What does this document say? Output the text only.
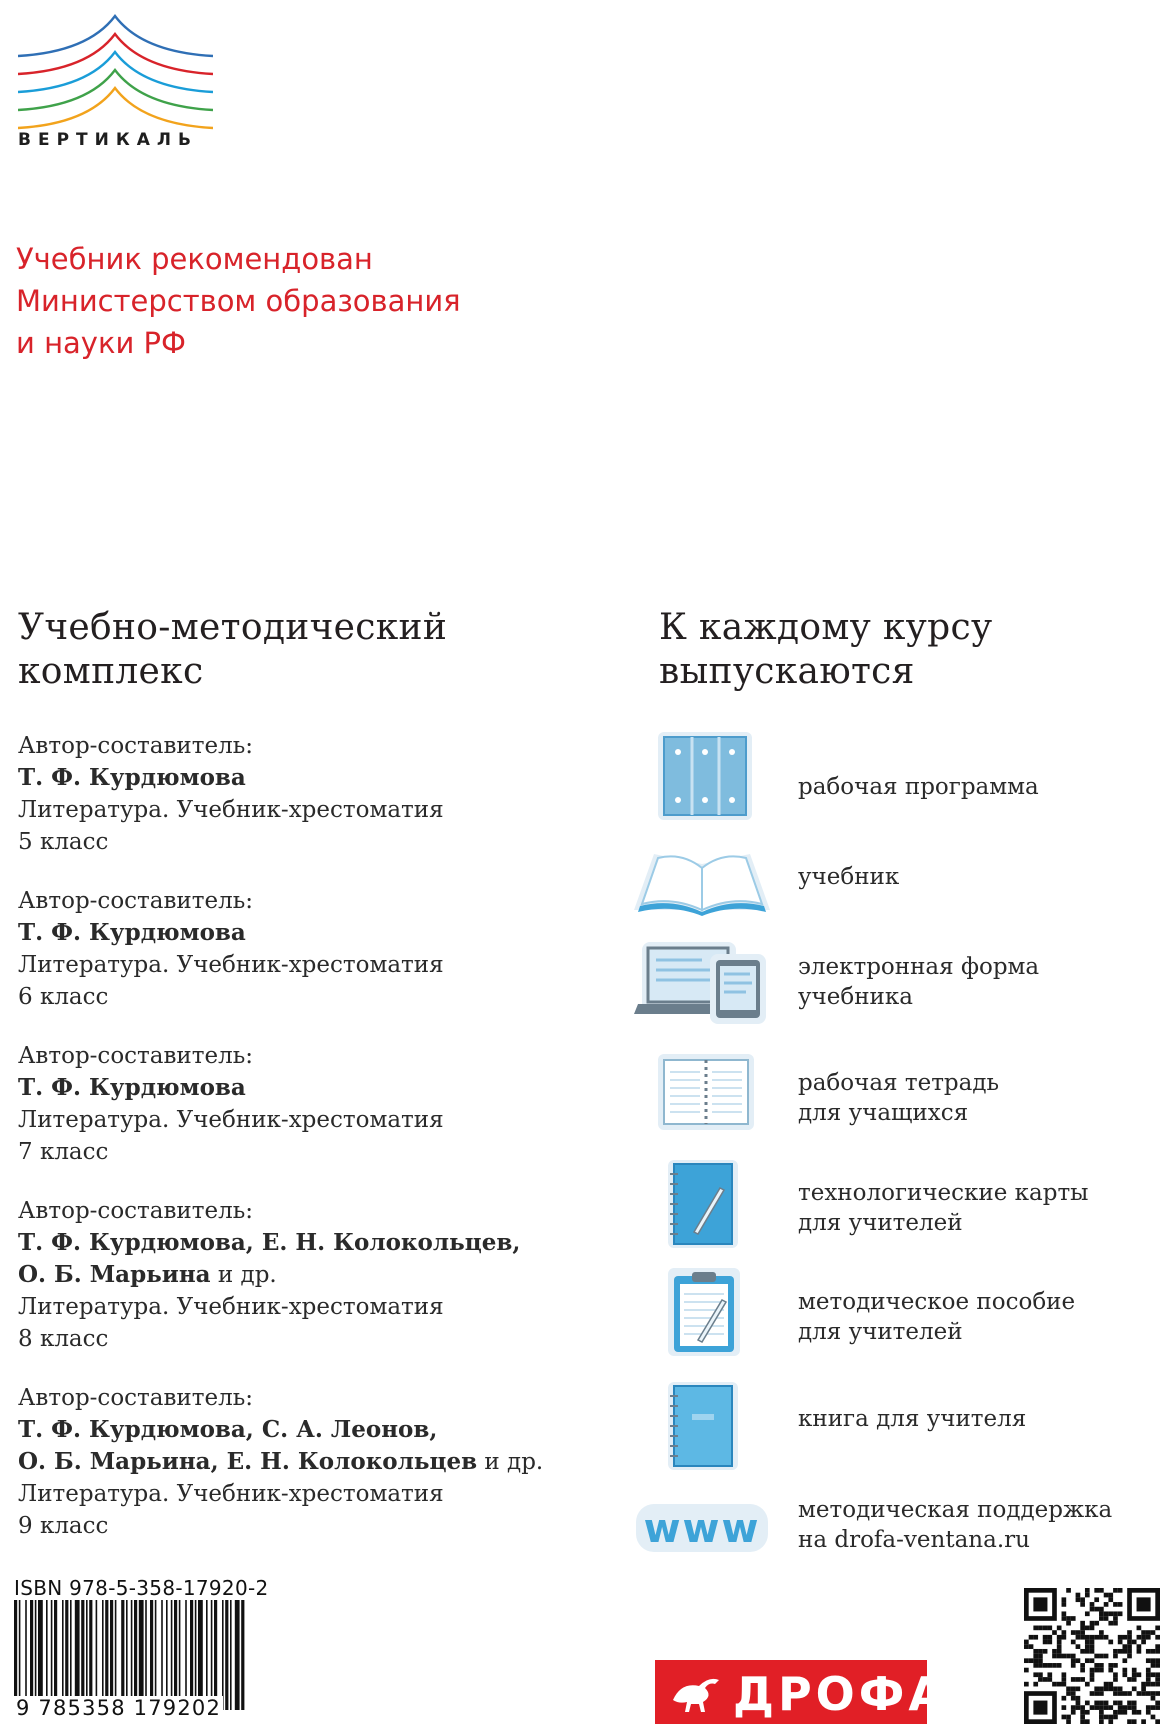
ВЕРТИКАЛЬ
Учебник рекомендован
Министерством образования
и науки РФ
Учебно-методический
комплекс
К каждому курсу
выпускаются
Автор-составитель:
Т. Ф. Курдюмова
Литература. Учебник-хрестоматия
5 класс
Автор-составитель:
Т. Ф. Курдюмова
Литература. Учебник-хрестоматия
6 класс
Автор-составитель:
Т. Ф. Курдюмова
Литература. Учебник-хрестоматия
7 класс
Автор-составитель:
Т. Ф. Курдюмова, Е. Н. Колокольцев,
О. Б. Марьина и др.
Литература. Учебник-хрестоматия
8 класс
Автор-составитель:
Т. Ф. Курдюмова, С. А. Леонов,
О. Б. Марьина, Е. Н. Колокольцев и др.
Литература. Учебник-хрестоматия
9 класс	www
рабочая программа
учебник
электронная форма
учебника
рабочая тетрадь
для учащихся
технологические карты
для учителей
методическое пособие
для учителей
книга для учителя
методическая поддержка
на drofa-ventana.ru
ISBN 978-5-358-17920-2
9 785358 179202	ДРОФА
